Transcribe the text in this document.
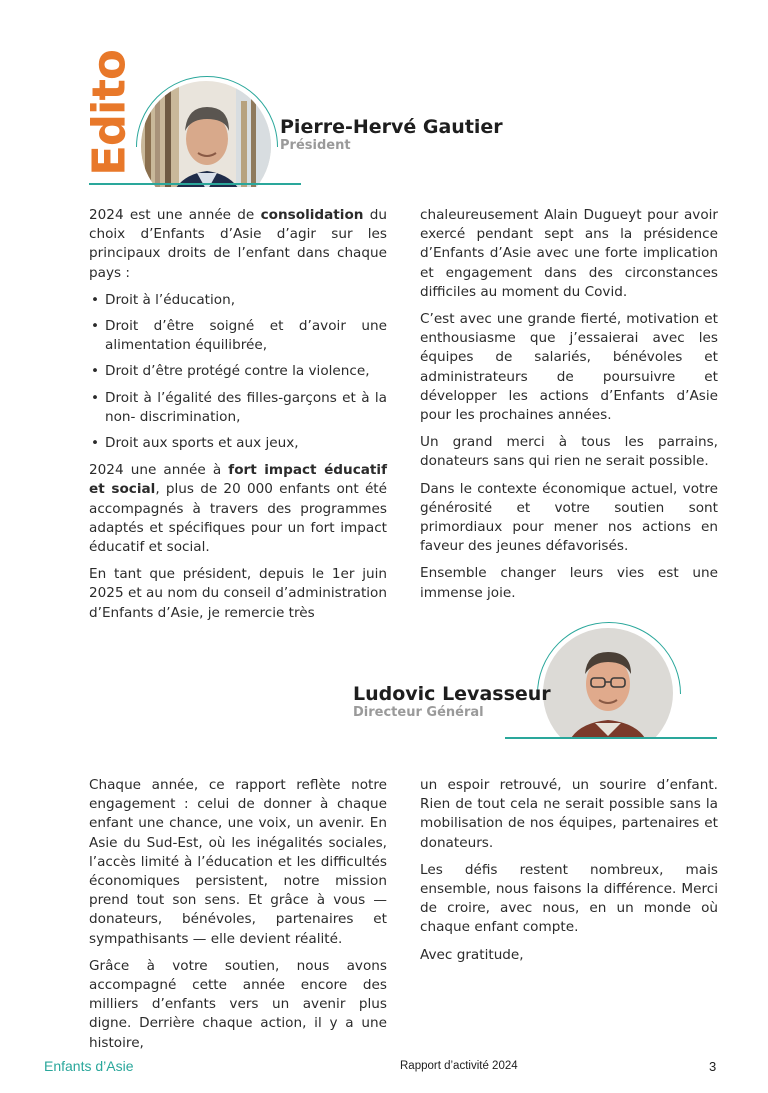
Edito	Pierre-Hervé Gautier
Président

2024 est une année de consolidation du choix d’Enfants d’Asie d’agir sur les principaux droits de l’enfant dans chaque pays :

• Droit à l’éducation,
• Droit d’être soigné et d’avoir une alimentation équilibrée,
• Droit d’être protégé contre la violence,
• Droit à l’égalité des filles-garçons et à la non- discrimination,
• Droit aux sports et aux jeux,

2024 une année à fort impact éducatif et social, plus de 20 000 enfants ont été accompagnés à travers des programmes adaptés et spécifiques pour un fort impact éducatif et social.

En tant que président, depuis le 1er juin 2025 et au nom du conseil d’administration d’Enfants d’Asie, je remercie très

chaleureusement Alain Dugueyt pour avoir exercé pendant sept ans la présidence d’Enfants d’Asie avec une forte implication et engagement dans des circonstances difficiles au moment du Covid.

C’est avec une grande fierté, motivation et enthousiasme que j’essaierai avec les équipes de salariés, bénévoles et administrateurs de poursuivre et développer les actions d’Enfants d’Asie pour les prochaines années.

Un grand merci à tous les parrains, donateurs sans qui rien ne serait possible.

Dans le contexte économique actuel, votre générosité et votre soutien sont primordiaux pour mener nos actions en faveur des jeunes défavorisés.

Ensemble changer leurs vies est une immense joie.

Ludovic Levasseur
Directeur Général

Chaque année, ce rapport reflète notre engagement : celui de donner à chaque enfant une chance, une voix, un avenir. En Asie du Sud-Est, où les inégalités sociales, l’accès limité à l’éducation et les difficultés économiques persistent, notre mission prend tout son sens. Et grâce à vous — donateurs, bénévoles, partenaires et sympathisants — elle devient réalité.

Grâce à votre soutien, nous avons accompagné cette année encore des milliers d’enfants vers un avenir plus digne. Derrière chaque action, il y a une histoire,

un espoir retrouvé, un sourire d’enfant. Rien de tout cela ne serait possible sans la mobilisation de nos équipes, partenaires et donateurs.

Les défis restent nombreux, mais ensemble, nous faisons la différence. Merci de croire, avec nous, en un monde où chaque enfant compte.

Avec gratitude,

Enfants d’Asie	Rapport d’activité 2024	3
